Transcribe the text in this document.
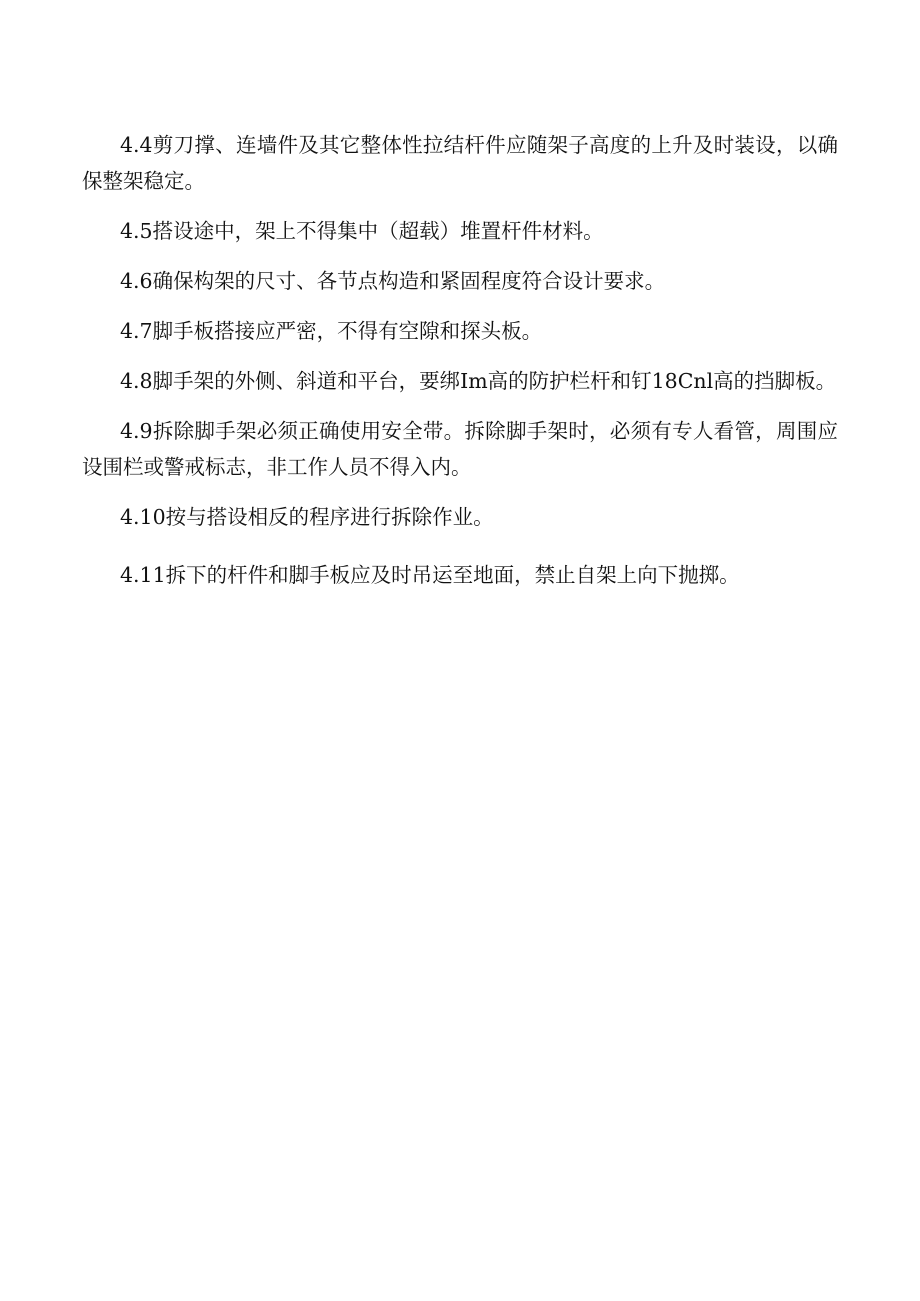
4.4剪刀撑、连墙件及其它整体性拉结杆件应随架子高度的上升及时装设，以确保整架稳定。

4.5搭设途中，架上不得集中（超载）堆置杆件材料。

4.6确保构架的尺寸、各节点构造和紧固程度符合设计要求。

4.7脚手板搭接应严密，不得有空隙和探头板。

4.8脚手架的外侧、斜道和平台，要绑Im高的防护栏杆和钉18Cnl高的挡脚板。

4.9拆除脚手架必须正确使用安全带。拆除脚手架时，必须有专人看管，周围应设围栏或警戒标志，非工作人员不得入内。

4.10按与搭设相反的程序进行拆除作业。

4.11拆下的杆件和脚手板应及时吊运至地面，禁止自架上向下抛掷。
